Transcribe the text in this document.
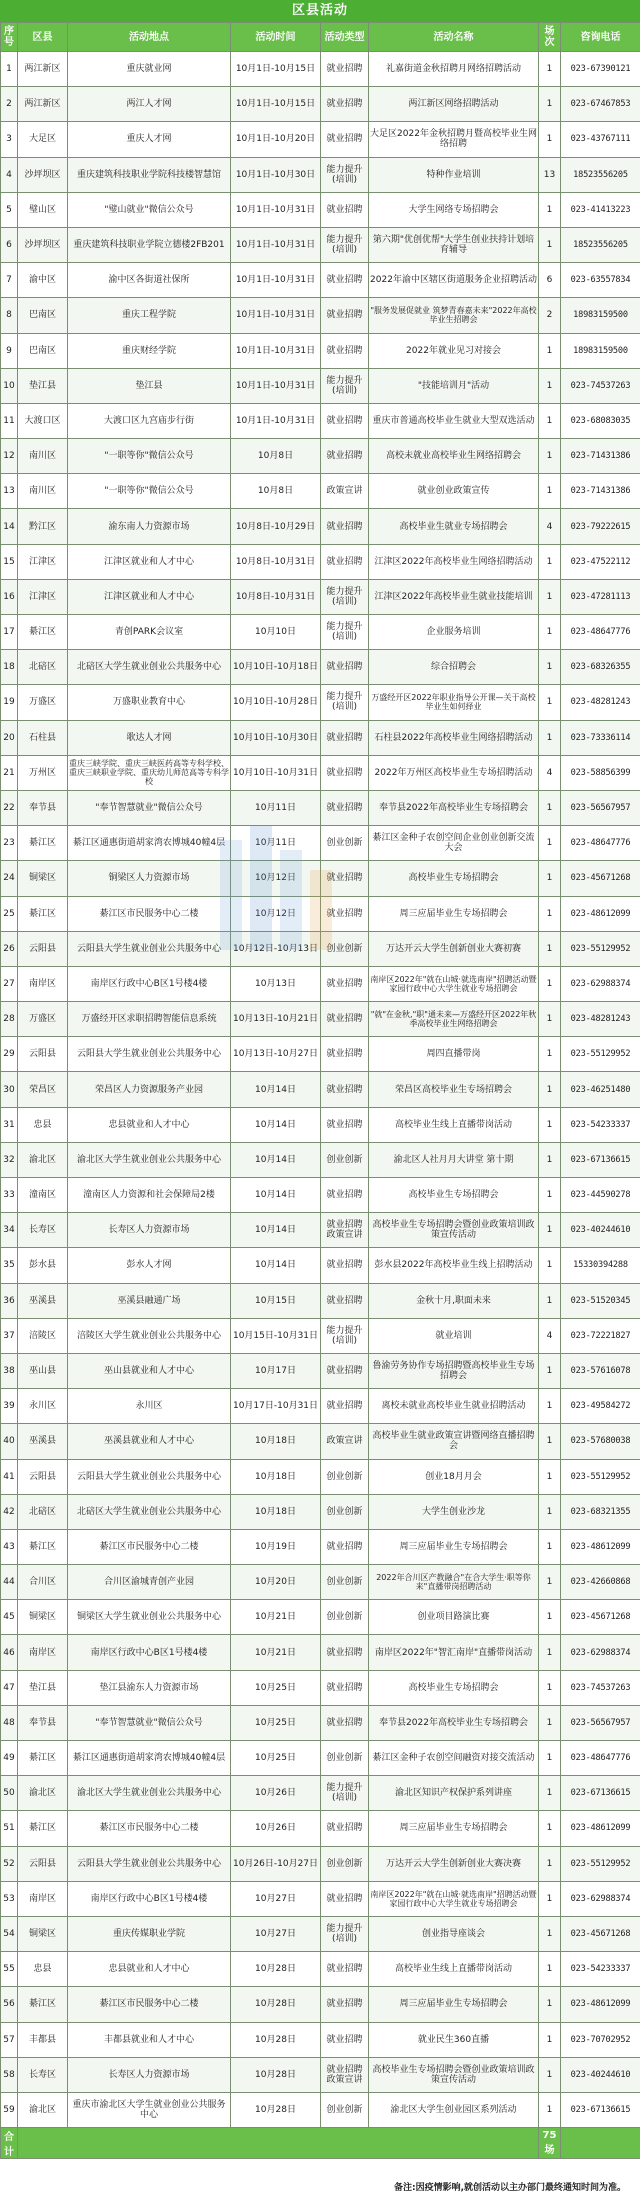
区县活动
序号	区县	活动地点	活动时间	活动类型	活动名称	场次	咨询电话
1	两江新区	重庆就业网	10月1日-10月15日	就业招聘	礼嘉街道金秋招聘月网络招聘活动	1	023-67390121
2	两江新区	两江人才网	10月1日-10月15日	就业招聘	两江新区网络招聘活动	1	023-67467853
3	大足区	重庆人才网	10月1日-10月20日	就业招聘	大足区2022年金秋招聘月暨高校毕业生网络招聘	1	023-43767111
4	沙坪坝区	重庆建筑科技职业学院科技楼智慧馆	10月1日-10月30日	能力提升(培训)	特种作业培训	13	18523556205
5	璧山区	"璧山就业"微信公众号	10月1日-10月31日	就业招聘	大学生网络专场招聘会	1	023-41413223
6	沙坪坝区	重庆建筑科技职业学院立德楼2FB201	10月1日-10月31日	能力提升(培训)	第六期"优创优帮"大学生创业扶持计划培育辅导	1	18523556205
7	渝中区	渝中区各街道社保所	10月1日-10月31日	就业招聘	2022年渝中区辖区街道服务企业招聘活动	6	023-63557834
8	巴南区	重庆工程学院	10月1日-10月31日	就业招聘	"服务发展促就业 筑梦青春嘉未来"2022年高校毕业生招聘会	2	18983159500
9	巴南区	重庆财经学院	10月1日-10月31日	就业招聘	2022年就业见习对接会	1	18983159500
10	垫江县	垫江县	10月1日-10月31日	能力提升(培训)	"技能培训月"活动	1	023-74537263
11	大渡口区	大渡口区九宫庙步行街	10月1日-10月31日	就业招聘	重庆市普通高校毕业生就业大型双选活动	1	023-68083035
12	南川区	"一职等你"微信公众号	10月8日	就业招聘	高校未就业高校毕业生网络招聘会	1	023-71431386
13	南川区	"一职等你"微信公众号	10月8日	政策宣讲	就业创业政策宣传	1	023-71431386
14	黔江区	渝东南人力资源市场	10月8日-10月29日	就业招聘	高校毕业生就业专场招聘会	4	023-79222615
15	江津区	江津区就业和人才中心	10月8日-10月31日	就业招聘	江津区2022年高校毕业生网络招聘活动	1	023-47522112
16	江津区	江津区就业和人才中心	10月8日-10月31日	能力提升(培训)	江津区2022年高校毕业生就业技能培训	1	023-47281113
17	綦江区	青创PARK会议室	10月10日	能力提升(培训)	企业服务培训	1	023-48647776
18	北碚区	北碚区大学生就业创业公共服务中心	10月10日-10月18日	就业招聘	综合招聘会	1	023-68326355
19	万盛区	万盛职业教育中心	10月10日-10月28日	能力提升(培训)	万盛经开区2022年职业指导公开课—关于高校毕业生如何择业	1	023-48281243
20	石柱县	歌达人才网	10月10日-10月30日	就业招聘	石柱县2022年高校毕业生网络招聘活动	1	023-73336114
21	万州区	重庆三峡学院、重庆三峡医药高等专科学校、重庆三峡职业学院、重庆幼儿师范高等专科学校	10月10日-10月31日	就业招聘	2022年万州区高校毕业生专场招聘活动	4	023-58856399
22	奉节县	"奉节智慧就业"微信公众号	10月11日	就业招聘	奉节县2022年高校毕业生专场招聘会	1	023-56567957
23	綦江区	綦江区通惠街道胡家湾农博城40幢4层	10月11日	创业创新	綦江区金种子农创空间企业创业创新交流大会	1	023-48647776
24	铜梁区	铜梁区人力资源市场	10月12日	就业招聘	高校毕业生专场招聘会	1	023-45671268
25	綦江区	綦江区市民服务中心二楼	10月12日	就业招聘	周三应届毕业生专场招聘会	1	023-48612099
26	云阳县	云阳县大学生就业创业公共服务中心	10月12日-10月13日	创业创新	万达开云大学生创新创业大赛初赛	1	023-55129952
27	南岸区	南岸区行政中心B区1号楼4楼	10月13日	就业招聘	南岸区2022年"就在山城·就选南岸"招聘活动暨家园行政中心大学生就业专场招聘会	1	023-62988374
28	万盛区	万盛经开区求职招聘智能信息系统	10月13日-10月21日	就业招聘	"就"在金秋,"职"通未来—万盛经开区2022年秋季高校毕业生网络招聘会	1	023-48281243
29	云阳县	云阳县大学生就业创业公共服务中心	10月13日-10月27日	就业招聘	周四直播带岗	1	023-55129952
30	荣昌区	荣昌区人力资源服务产业园	10月14日	就业招聘	荣昌区高校毕业生专场招聘会	1	023-46251480
31	忠县	忠县就业和人才中心	10月14日	就业招聘	高校毕业生线上直播带岗活动	1	023-54233337
32	渝北区	渝北区大学生就业创业公共服务中心	10月14日	创业创新	渝北区人社月月大讲堂 第十期	1	023-67136615
33	潼南区	潼南区人力资源和社会保障局2楼	10月14日	就业招聘	高校毕业生专场招聘会	1	023-44590278
34	长寿区	长寿区人力资源市场	10月14日	就业招聘 政策宣讲	高校毕业生专场招聘会暨创业政策培训政策宣传活动	1	023-40244610
35	彭水县	彭水人才网	10月14日	就业招聘	彭水县2022年高校毕业生线上招聘活动	1	15330394288
36	巫溪县	巫溪县融通广场	10月15日	就业招聘	金秋十月,职面未来	1	023-51520345
37	涪陵区	涪陵区大学生就业创业公共服务中心	10月15日-10月31日	能力提升(培训)	就业培训	4	023-72221827
38	巫山县	巫山县就业和人才中心	10月17日	就业招聘	鲁渝劳务协作专场招聘暨高校毕业生专场招聘会	1	023-57616078
39	永川区	永川区	10月17日-10月31日	就业招聘	离校未就业高校毕业生就业招聘活动	1	023-49584272
40	巫溪县	巫溪县就业和人才中心	10月18日	政策宣讲	高校毕业生就业政策宣讲暨网络直播招聘会	1	023-57680038
41	云阳县	云阳县大学生就业创业公共服务中心	10月18日	创业创新	创业18月月会	1	023-55129952
42	北碚区	北碚区大学生就业创业公共服务中心	10月18日	创业创新	大学生创业沙龙	1	023-68321355
43	綦江区	綦江区市民服务中心二楼	10月19日	就业招聘	周三应届毕业生专场招聘会	1	023-48612099
44	合川区	合川区渝城青创产业园	10月20日	创业创新	2022年合川区产教融合"在合大学生·职等你来"直播带岗招聘活动	1	023-42660868
45	铜梁区	铜梁区大学生就业创业公共服务中心	10月21日	创业创新	创业项目路演比赛	1	023-45671268
46	南岸区	南岸区行政中心B区1号楼4楼	10月21日	就业招聘	南岸区2022年"智汇南岸"直播带岗活动	1	023-62988374
47	垫江县	垫江县渝东人力资源市场	10月25日	就业招聘	高校毕业生专场招聘会	1	023-74537263
48	奉节县	"奉节智慧就业"微信公众号	10月25日	就业招聘	奉节县2022年高校毕业生专场招聘会	1	023-56567957
49	綦江区	綦江区通惠街道胡家湾农博城40幢4层	10月25日	创业创新	綦江区金种子农创空间融资对接交流活动	1	023-48647776
50	渝北区	渝北区大学生就业创业公共服务中心	10月26日	能力提升(培训)	渝北区知识产权保护系列讲座	1	023-67136615
51	綦江区	綦江区市民服务中心二楼	10月26日	就业招聘	周三应届毕业生专场招聘会	1	023-48612099
52	云阳县	云阳县大学生就业创业公共服务中心	10月26日-10月27日	创业创新	万达开云大学生创新创业大赛决赛	1	023-55129952
53	南岸区	南岸区行政中心B区1号楼4楼	10月27日	就业招聘	南岸区2022年"就在山城·就选南岸"招聘活动暨家园行政中心大学生就业专场招聘会	1	023-62988374
54	铜梁区	重庆传媒职业学院	10月27日	能力提升(培训)	创业指导座谈会	1	023-45671268
55	忠县	忠县就业和人才中心	10月28日	就业招聘	高校毕业生线上直播带岗活动	1	023-54233337
56	綦江区	綦江区市民服务中心二楼	10月28日	就业招聘	周三应届毕业生专场招聘会	1	023-48612099
57	丰都县	丰都县就业和人才中心	10月28日	就业招聘	就业民生360直播	1	023-70702952
58	长寿区	长寿区人力资源市场	10月28日	就业招聘 政策宣讲	高校毕业生专场招聘会暨创业政策培训政策宣传活动	1	023-40244610
59	渝北区	重庆市渝北区大学生就业创业公共服务中心	10月28日	创业创新	渝北区大学生创业园区系列活动	1	023-67136615
合计						75场	
备注:因疫情影响,就创活动以主办部门最终通知时间为准。
